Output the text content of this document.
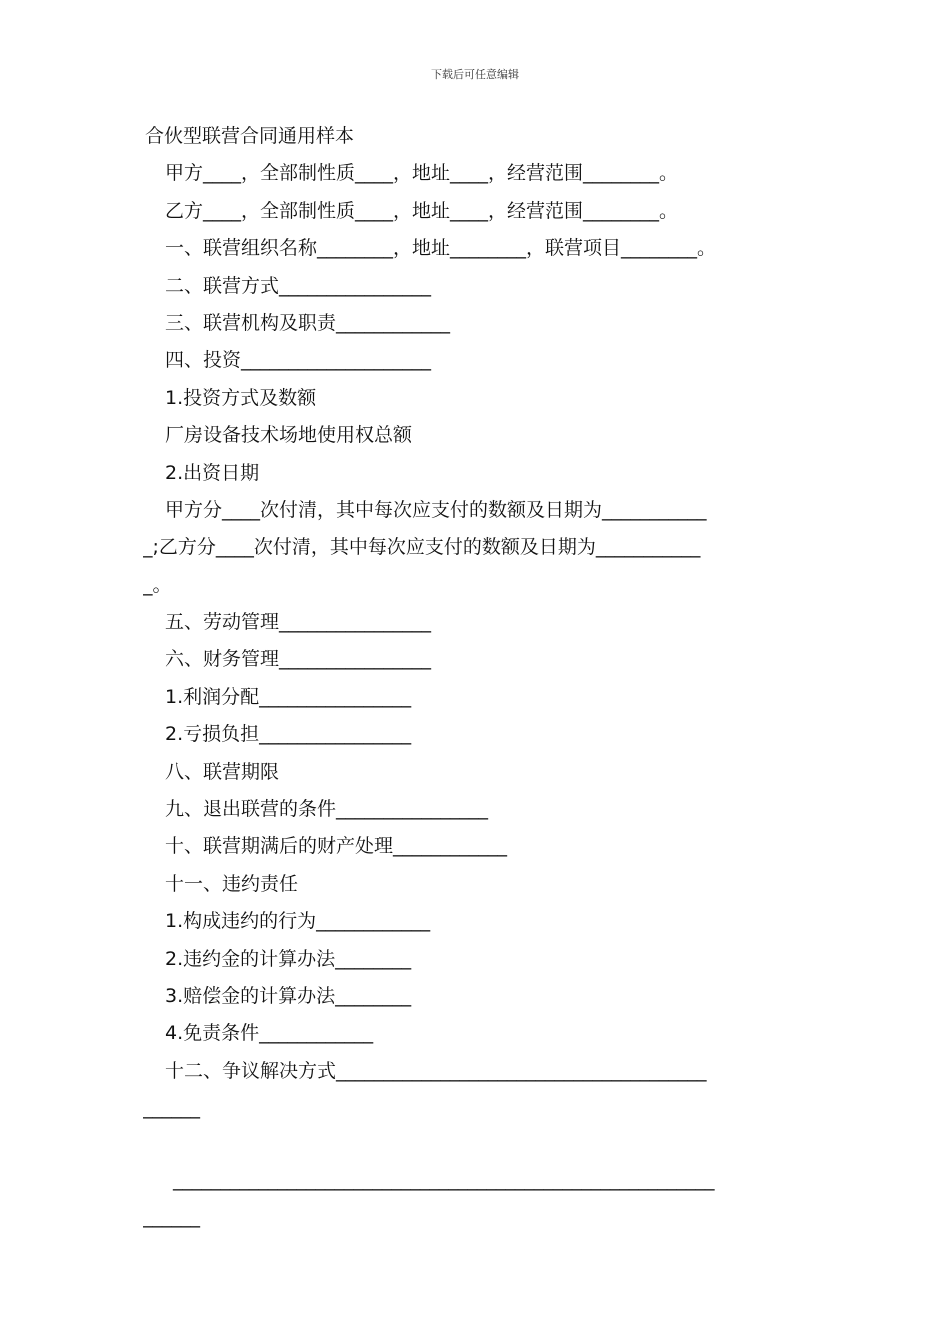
下载后可任意编辑
合伙型联营合同通用样本
甲方____，全部制性质____，地址____，经营范围________。
乙方____，全部制性质____，地址____，经营范围________。
一、联营组织名称________，地址________，联营项目________。
二、联营方式________________
三、联营机构及职责____________
四、投资____________________
1.投资方式及数额
厂房设备技术场地使用权总额
2.出资日期
甲方分____次付清，其中每次应支付的数额及日期为___________
_;乙方分____次付清，其中每次应支付的数额及日期为___________
_。
五、劳动管理________________
六、财务管理________________
1.利润分配________________
2.亏损负担________________
八、联营期限
九、退出联营的条件________________
十、联营期满后的财产处理____________
十一、违约责任
1.构成违约的行为____________
2.违约金的计算办法________
3.赔偿金的计算办法________
4.免责条件____________
十二、争议解决方式_______________________________________
______
_________________________________________________________
______
